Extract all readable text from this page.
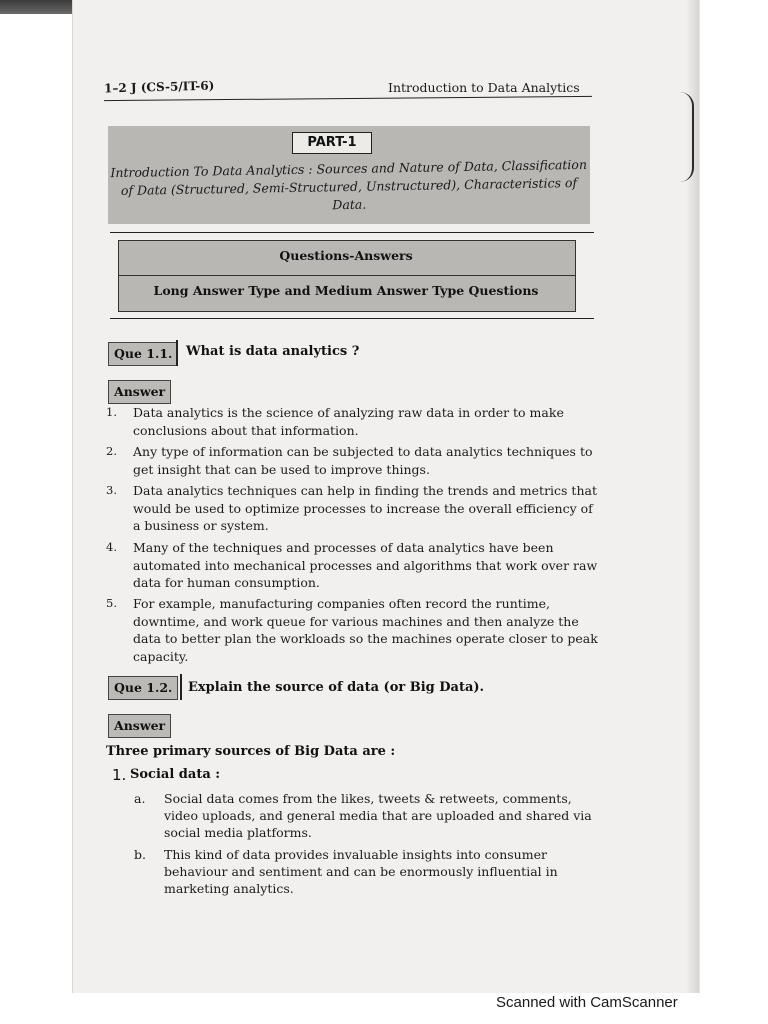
1–2 J (CS-5/IT-6)	Introduction to Data Analytics
PART-1
Introduction To Data Analytics : Sources and Nature of Data, Classification of Data (Structured, Semi-Structured, Unstructured), Characteristics of Data.
Questions-Answers
Long Answer Type and Medium Answer Type Questions
Que 1.1.	What is data analytics ?
Answer
1.	Data analytics is the science of analyzing raw data in order to make conclusions about that information.
2.	Any type of information can be subjected to data analytics techniques to get insight that can be used to improve things.
3.	Data analytics techniques can help in finding the trends and metrics that would be used to optimize processes to increase the overall efficiency of a business or system.
4.	Many of the techniques and processes of data analytics have been automated into mechanical processes and algorithms that work over raw data for human consumption.
5.	For example, manufacturing companies often record the runtime, downtime, and work queue for various machines and then analyze the data to better plan the workloads so the machines operate closer to peak capacity.
Que 1.2.	Explain the source of data (or Big Data).
Answer
Three primary sources of Big Data are :
1. Social data :
a.	Social data comes from the likes, tweets & retweets, comments, video uploads, and general media that are uploaded and shared via social media platforms.
b.	This kind of data provides invaluable insights into consumer behaviour and sentiment and can be enormously influential in marketing analytics.
Scanned with CamScanner
